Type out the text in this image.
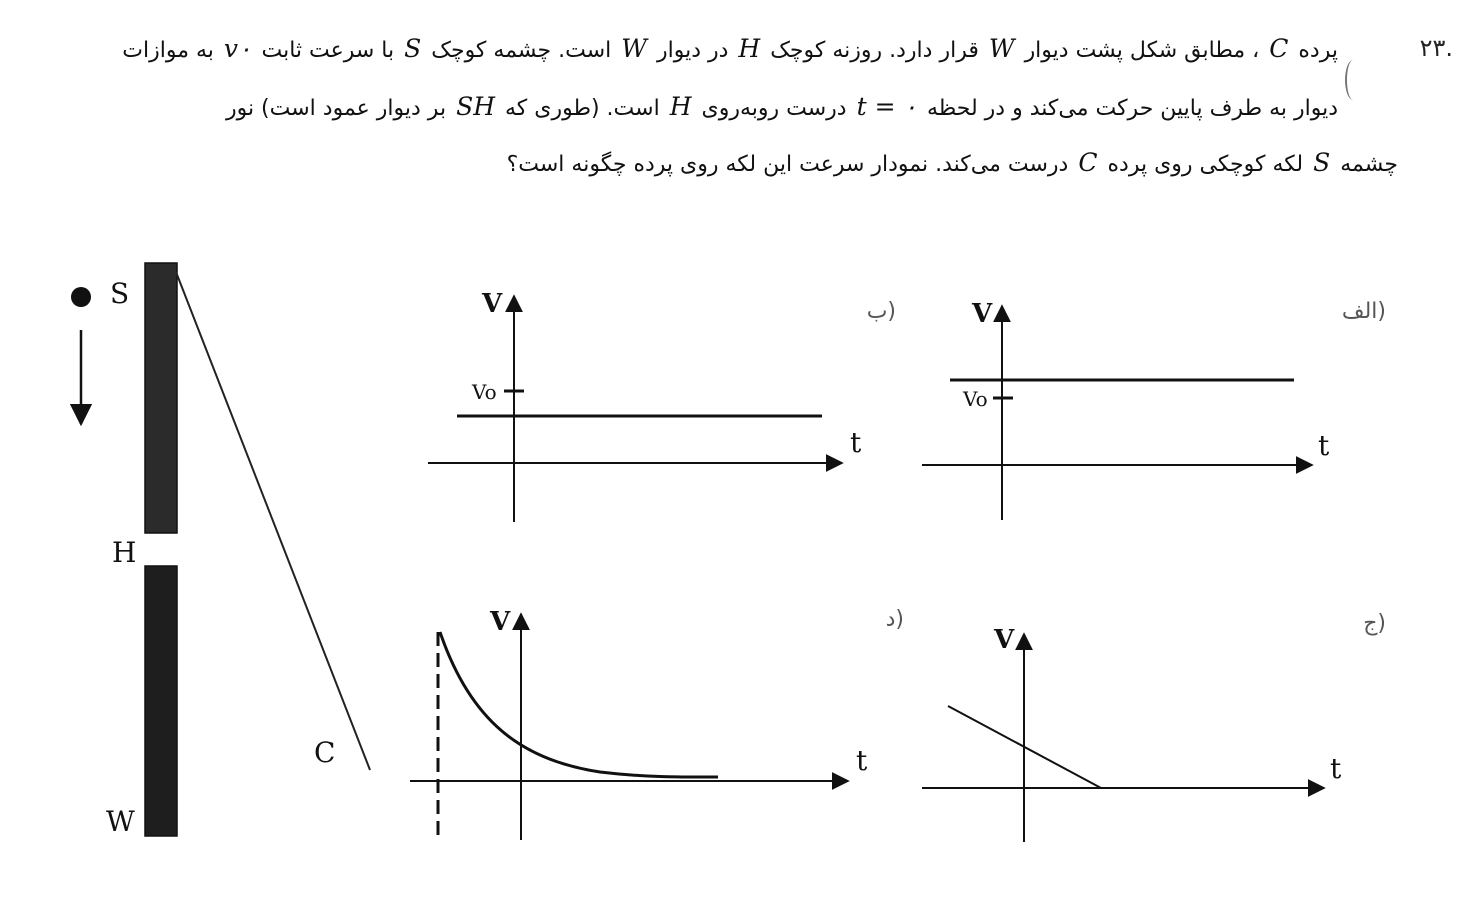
۲۳.
پردهC، مطابق شکل پشت دیوارWقرار دارد. روزنه کوچکHدر دیوارWاست. چشمه کوچکSبا سرعت ثابتv۰به موازات
دیوار به طرف پایین حرکت می‌کند و در لحظهt = ۰درست روبه‌رویHاست. (طوری کهSHبر دیوار عمود است) نور
چشمهSلکه کوچکی روی پردهCدرست می‌کند. نمودار سرعت این لکه روی پرده چگونه است؟
S
H
W
C
الف)
V
t
Vo
ب)
V
t
Vo
ج)
V
t
د)
V
t
